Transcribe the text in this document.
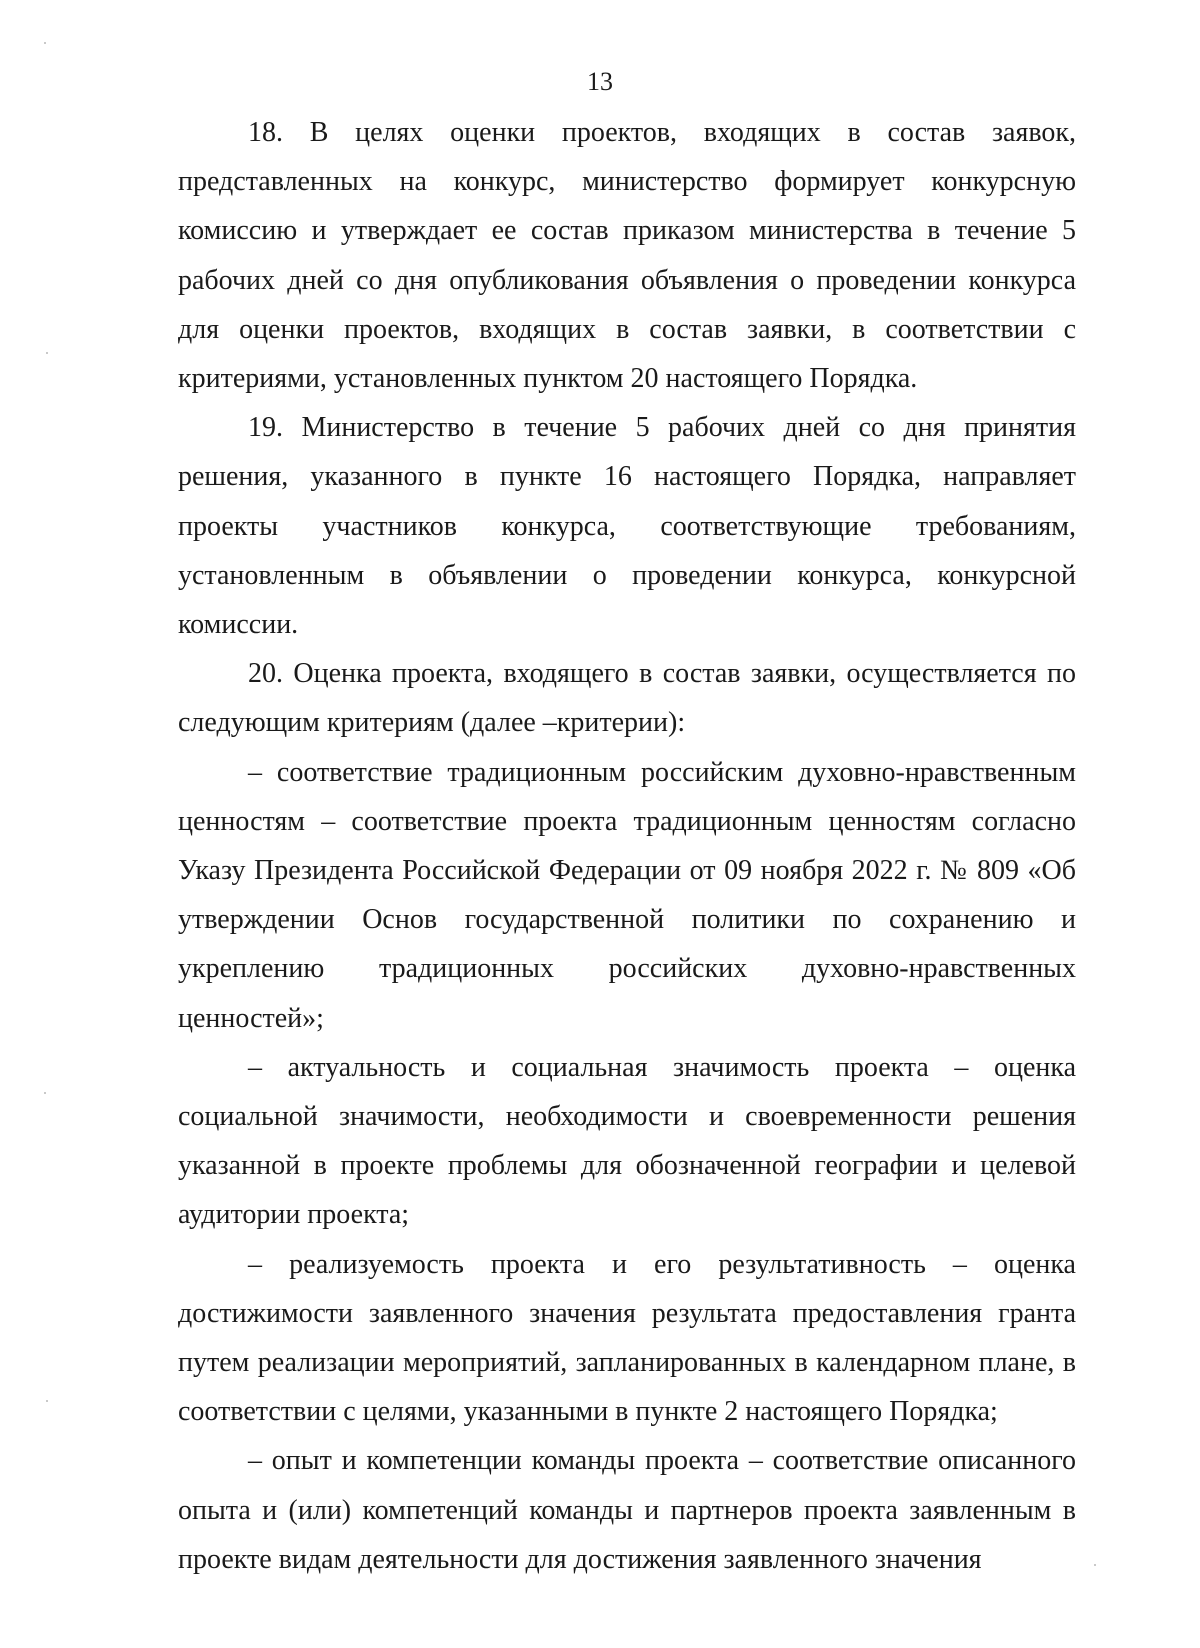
13

18. В целях оценки проектов, входящих в состав заявок, представленных на конкурс, министерство формирует конкурсную комиссию и утверждает ее состав приказом министерства в течение 5 рабочих дней со дня опубликования объявления о проведении конкурса для оценки проектов, входящих в состав заявки, в соответствии с критериями, установленных пунктом 20 настоящего Порядка.

19. Министерство в течение 5 рабочих дней со дня принятия решения, указанного в пункте 16 настоящего Порядка, направляет проекты участников конкурса, соответствующие требованиям, установленным в объявлении о проведении конкурса, конкурсной комиссии.

20. Оценка проекта, входящего в состав заявки, осуществляется по следующим критериям (далее –критерии):

– соответствие традиционным российским духовно-нравственным ценностям – соответствие проекта традиционным ценностям согласно Указу Президента Российской Федерации от 09 ноября 2022 г. № 809 «Об утверждении Основ государственной политики по сохранению и укреплению традиционных российских духовно-нравственных ценностей»;

– актуальность и социальная значимость проекта – оценка социальной значимости, необходимости и своевременности решения указанной в проекте проблемы для обозначенной географии и целевой аудитории проекта;

– реализуемость проекта и его результативность – оценка достижимости заявленного значения результата предоставления гранта путем реализации мероприятий, запланированных в календарном плане, в соответствии с целями, указанными в пункте 2 настоящего Порядка;

– опыт и компетенции команды проекта – соответствие описанного опыта и (или) компетенций команды и партнеров проекта заявленным в проекте видам деятельности для достижения заявленного значения
